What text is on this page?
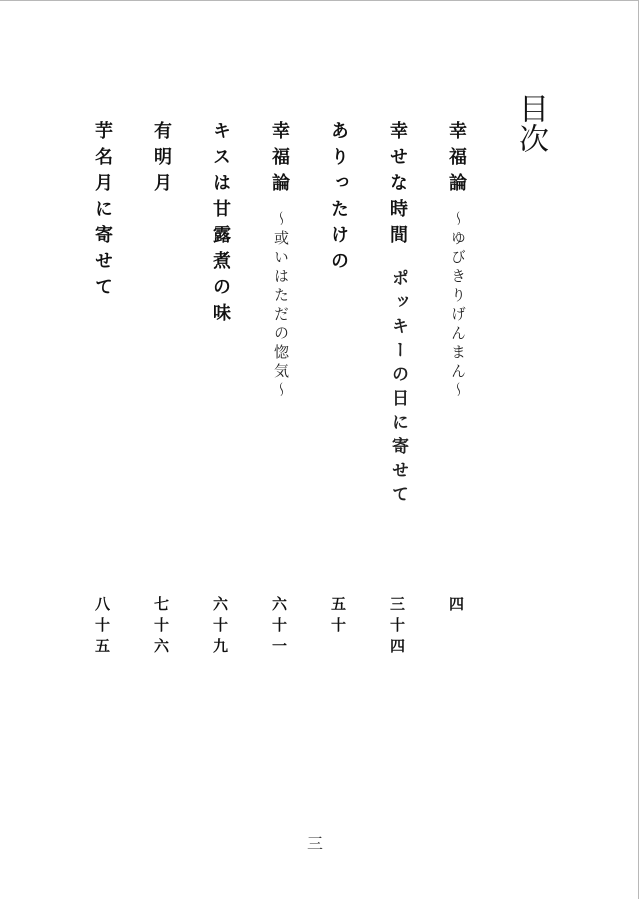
目次
幸福論
～ゆびきりげんまん～
四
幸せな時間
ポッキーの日に寄せて
三十四
ありったけの
五十
幸福論
～或いはただの惚気～
六十一
キスは甘露煮の味
六十九
有明月
七十六
芋名月に寄せて
八十五
三
